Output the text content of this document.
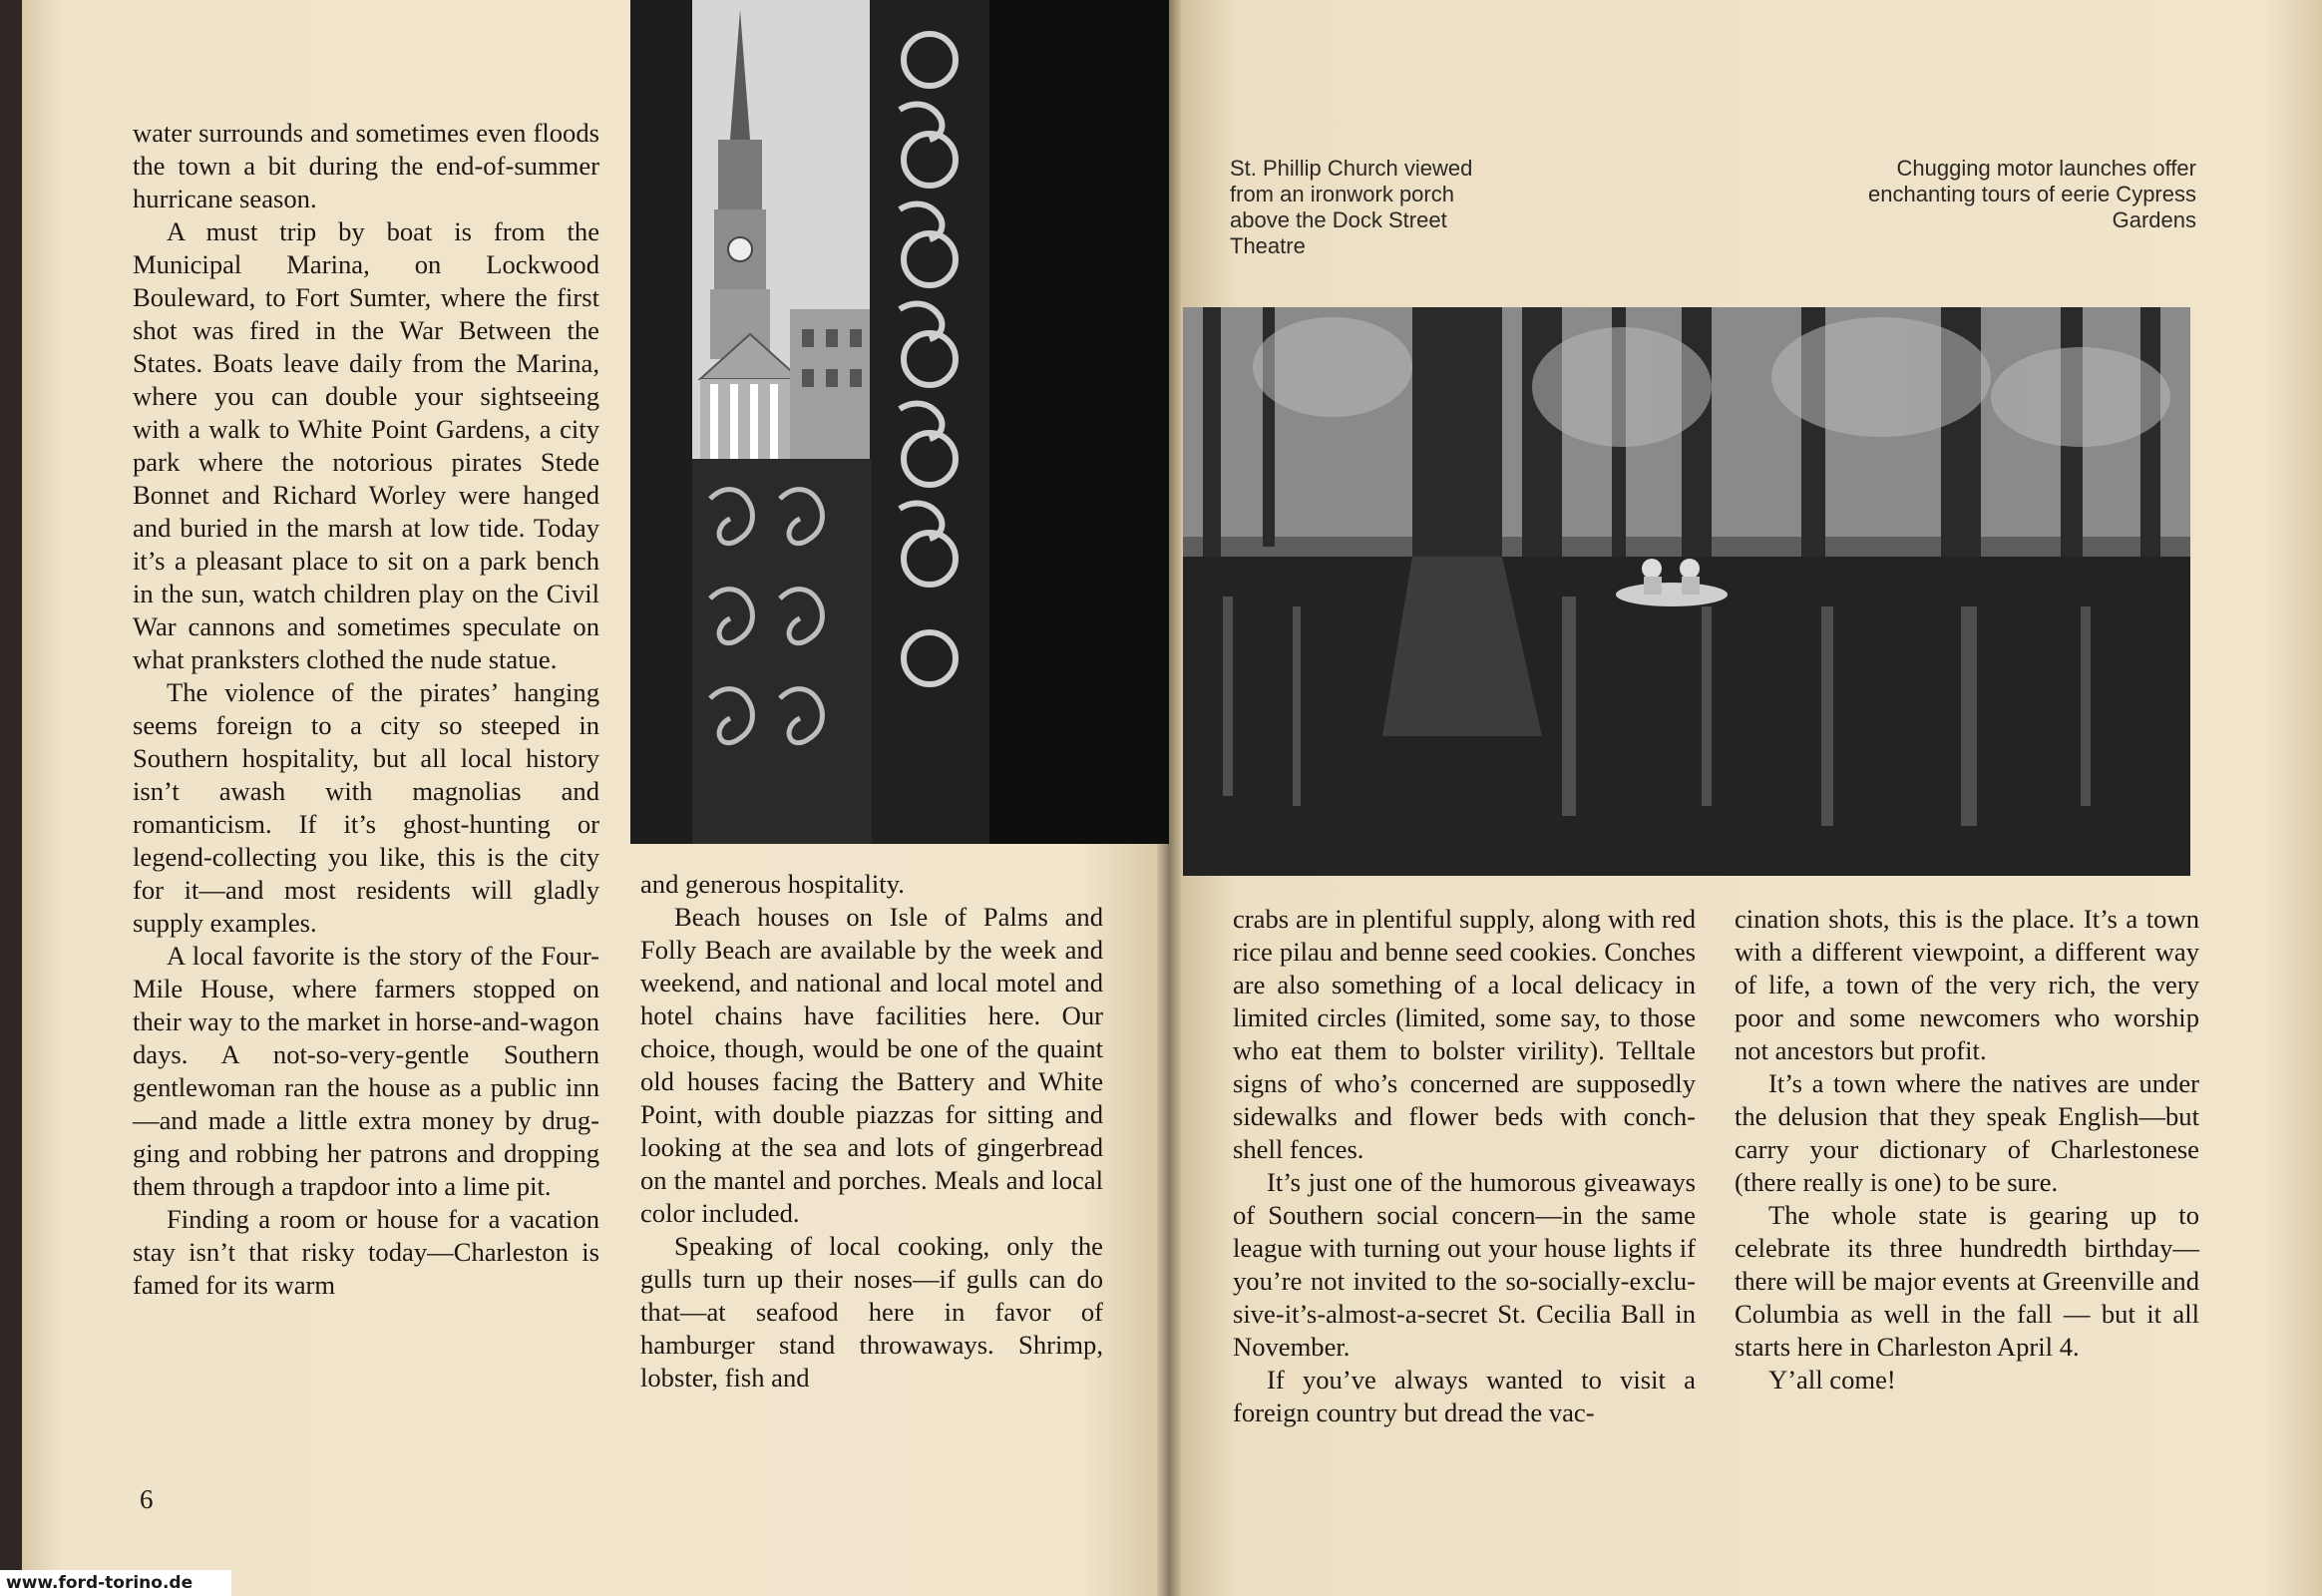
water surrounds and sometimes even floods the town a bit during the end-of-summer hurricane season.

A must trip by boat is from the Municipal Marina, on Lockwood Bouleward, to Fort Sumter, where the first shot was fired in the War Between the States. Boats leave daily from the Marina, where you can double your sightseeing with a walk to White Point Gardens, a city park where the notorious pirates Stede Bonnet and Richard Worley were hanged and buried in the marsh at low tide. Today it’s a pleasant place to sit on a park bench in the sun, watch children play on the Civil War cannons and sometimes speculate on what pranksters clothed the nude statue.

The violence of the pirates’ hanging seems foreign to a city so steeped in Southern hospitality, but all local history isn’t awash with magnolias and romanticism. If it’s ghost-hunting or legend-collecting you like, this is the city for it—and most residents will gladly supply examples.

A local favorite is the story of the Four-Mile House, where farmers stopped on their way to the market in horse-and-wagon days. A not-so-very-gentle Southern gentlewoman ran the house as a public inn—and made a little extra money by drugging and robbing her patrons and dropping them through a trapdoor into a lime pit.

Finding a room or house for a vacation stay isn’t that risky today—Charleston is famed for its warm

and generous hospitality.

Beach houses on Isle of Palms and Folly Beach are available by the week and weekend, and national and local motel and hotel chains have facilities here. Our choice, though, would be one of the quaint old houses facing the Battery and White Point, with double piazzas for sitting and looking at the sea and lots of gingerbread on the mantel and porches. Meals and local color included.

Speaking of local cooking, only the gulls turn up their noses—if gulls can do that—at seafood here in favor of hamburger stand throwaways. Shrimp, lobster, fish and

6
St. Phillip Church viewed from an ironwork porch above the Dock Street Theatre
Chugging motor launches offer enchanting tours of eerie Cypress Gardens

crabs are in plentiful supply, along with red rice pilau and benne seed cookies. Conches are also something of a local delicacy in limited circles (limited, some say, to those who eat them to bolster virility). Telltale signs of who’s concerned are supposedly sidewalks and flower beds with conch-shell fences.

It’s just one of the humorous giveaways of Southern social concern—in the same league with turning out your house lights if you’re not invited to the so-socially-exclusive-it’s-almost-a-secret St. Cecilia Ball in November.

If you’ve always wanted to visit a foreign country but dread the vac-

cination shots, this is the place. It’s a town with a different viewpoint, a different way of life, a town of the very rich, the very poor and some newcomers who worship not ancestors but profit.

It’s a town where the natives are under the delusion that they speak English—but carry your dictionary of Charlestonese (there really is one) to be sure.

The whole state is gearing up to celebrate its three hundredth birthday—there will be major events at Greenville and Columbia as well in the fall — but it all starts here in Charleston April 4.

Y’all come!

www.ford-torino.de
